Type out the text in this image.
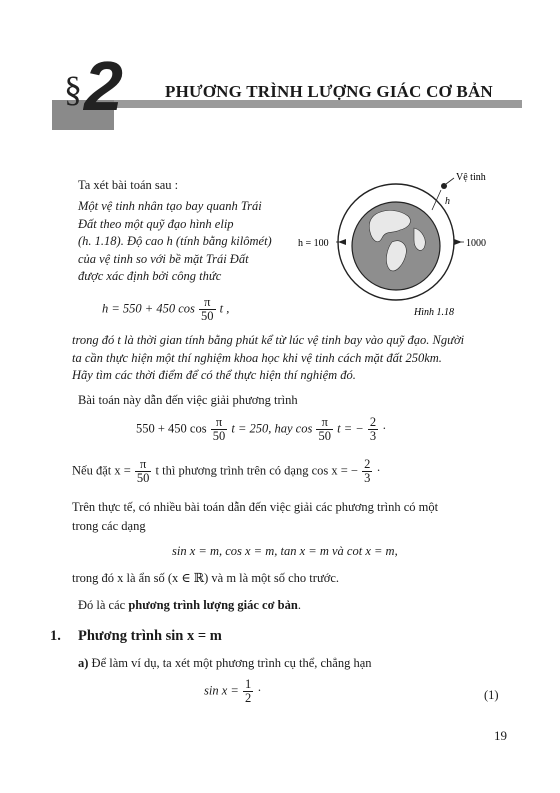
§ 2 PHƯƠNG TRÌNH LƯỢNG GIÁC CƠ BẢN
Ta xét bài toán sau :
Một vệ tinh nhân tạo bay quanh Trái
Đất theo một quỹ đạo hình elip
(h. 1.18). Độ cao h (tính bằng kilômét)
của vệ tinh so với bề mặt Trái Đất
được xác định bởi công thức
h = 550 + 450 $\cos \frac{\pi}{50}$ t ,
trong đó t là thời gian tính bằng phút kể từ lúc vệ tinh bay vào quỹ đạo. Người
ta cần thực hiện một thí nghiệm khoa học khi vệ tinh cách mặt đất 250km.
Hãy tìm các thời điểm để có thể thực hiện thí nghiệm đó.
Vệ tinh
h
h = 100	1000
Hình 1.18
Bài toán này dẫn đến việc giải phương trình
550 + 450 $\cos \frac{\pi}{50}$ t = 250, hay $\cos \frac{\pi}{50}$ t = − $\frac{2}{3}$ ·
Nếu đặt $x = \frac{\pi}{50}$ t thì phương trình trên có dạng cos x = − $\frac{2}{3}$ ·
Trên thực tế, có nhiều bài toán dẫn đến việc giải các phương trình có một
trong các dạng
sin x = m, cos x = m, tan x = m và cot x = m,
trong đó x là ẩn số (x ∈ ℝ) và m là một số cho trước.
Đó là các phương trình lượng giác cơ bản.
1. Phương trình sin x = m
a) Để làm ví dụ, ta xét một phương trình cụ thể, chẳng hạn
$\sin x = \frac{1}{2}$ ·	(1)
19
